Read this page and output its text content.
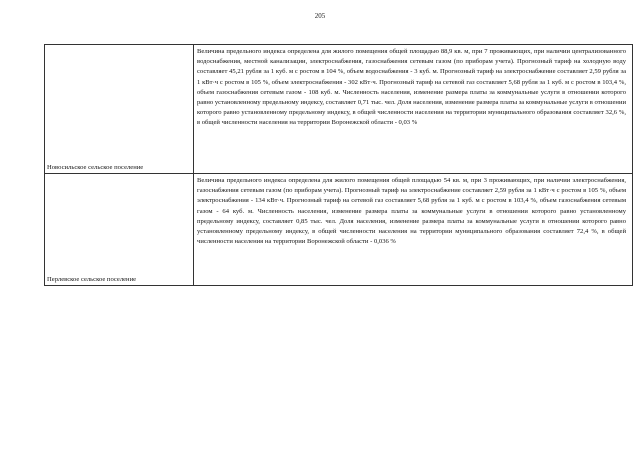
205
Новосильское сельское поселение	Величина предельного индекса определена для жилого помещения общей площадью 88,9 кв. м, при 7 проживающих, при наличии централизованного водоснабжения, местной канализации, электроснабжения, газоснабжения сетевым газом (по приборам учета). Прогнозный тариф на холодную воду составляет 45,21 рубля за 1 куб. м с ростом в 104 %, объем водоснабжения - 3 куб. м. Прогнозный тариф на электроснабжение составляет 2,59 рубля за 1 кВт·ч с ростом в 105 %, объем электроснабжения - 302 кВт·ч. Прогнозный тариф на сетевой газ составляет 5,68 рубля за 1 куб. м с ростом в 103,4 %, объем газоснабжения сетевым газом - 108 куб. м. Численность населения, изменение размера платы за коммунальные услуги в отношении которого равно установленному предельному индексу, составляет 0,71 тыс. чел. Доля населения, изменение размера платы за коммунальные услуги в отношении которого равно установленному предельному индексу, в общей численности населения на территории муниципального образования составляет 32,6 %, в общей численности населения на территории Воронежской области - 0,03 %

Перлевское сельское поселение	Величина предельного индекса определена для жилого помещения общей площадью 54 кв. м, при 3 проживающих, при наличии электроснабжения, газоснабжения сетевым газом (по приборам учета). Прогнозный тариф на электроснабжение составляет 2,59 рубля за 1 кВт·ч с ростом в 105 %, объем электроснабжения - 134 кВт·ч. Прогнозный тариф на сетевой газ составляет 5,68 рубля за 1 куб. м с ростом в 103,4 %, объем газоснабжения сетевым газом - 64 куб. м. Численность населения, изменение размера платы за коммунальные услуги в отношении которого равно установленному предельному индексу, составляет 0,85 тыс. чел. Доля населения, изменение размера платы за коммунальные услуги в отношении которого равно установленному предельному индексу, в общей численности населения на территории муниципального образования составляет 72,4 %, в общей численности населения на территории Воронежской области - 0,036 %
